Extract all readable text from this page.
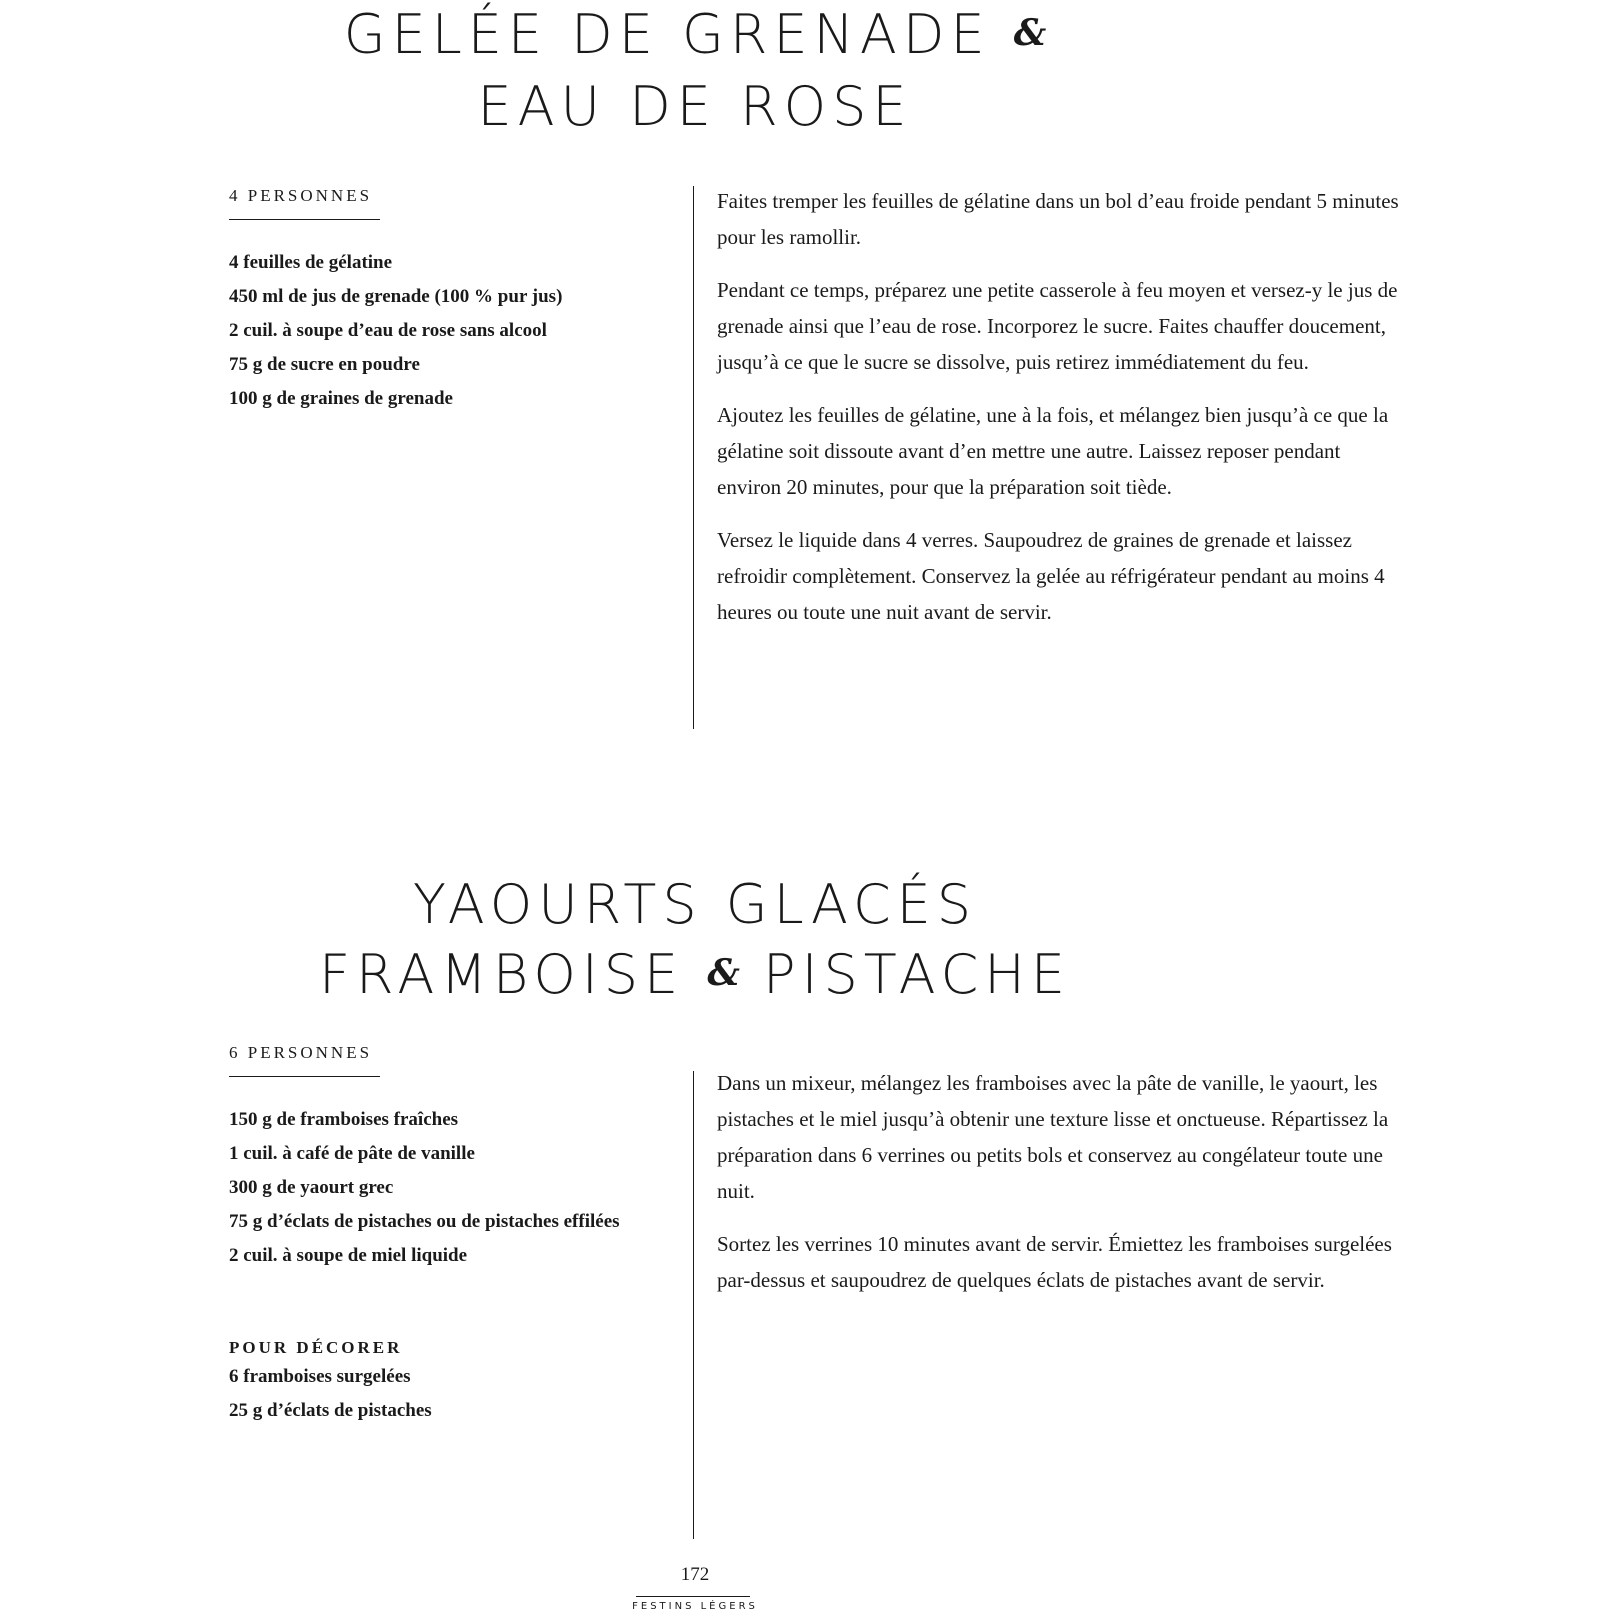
GELÉE DE GRENADE &
EAU DE ROSE
4 PERSONNES
4 feuilles de gélatine
450 ml de jus de grenade (100 % pur jus)
2 cuil. à soupe d’eau de rose sans alcool
75 g de sucre en poudre
100 g de graines de grenade

Faites tremper les feuilles de gélatine dans un bol d’eau froide pendant 5 minutes pour les ramollir.

Pendant ce temps, préparez une petite casserole à feu moyen et versez-y le jus de grenade ainsi que l’eau de rose. Incorporez le sucre. Faites chauffer doucement, jusqu’à ce que le sucre se dissolve, puis retirez immédiatement du feu.

Ajoutez les feuilles de gélatine, une à la fois, et mélangez bien jusqu’à ce que la gélatine soit dissoute avant d’en mettre une autre. Laissez reposer pendant environ 20 minutes, pour que la préparation soit tiède.

Versez le liquide dans 4 verres. Saupoudrez de graines de grenade et laissez refroidir complètement. Conservez la gelée au réfrigérateur pendant au moins 4 heures ou toute une nuit avant de servir.

YAOURTS GLACÉS
FRAMBOISE & PISTACHE
6 PERSONNES
150 g de framboises fraîches
1 cuil. à café de pâte de vanille
300 g de yaourt grec
75 g d’éclats de pistaches ou de pistaches effilées
2 cuil. à soupe de miel liquide
POUR DÉCORER
6 framboises surgelées
25 g d’éclats de pistaches

Dans un mixeur, mélangez les framboises avec la pâte de vanille, le yaourt, les pistaches et le miel jusqu’à obtenir une texture lisse et onctueuse. Répartissez la préparation dans 6 verrines ou petits bols et conservez au congélateur toute une nuit.

Sortez les verrines 10 minutes avant de servir. Émiettez les framboises surgelées par-dessus et saupoudrez de quelques éclats de pistaches avant de servir.

172
FESTINS LÉGERS
